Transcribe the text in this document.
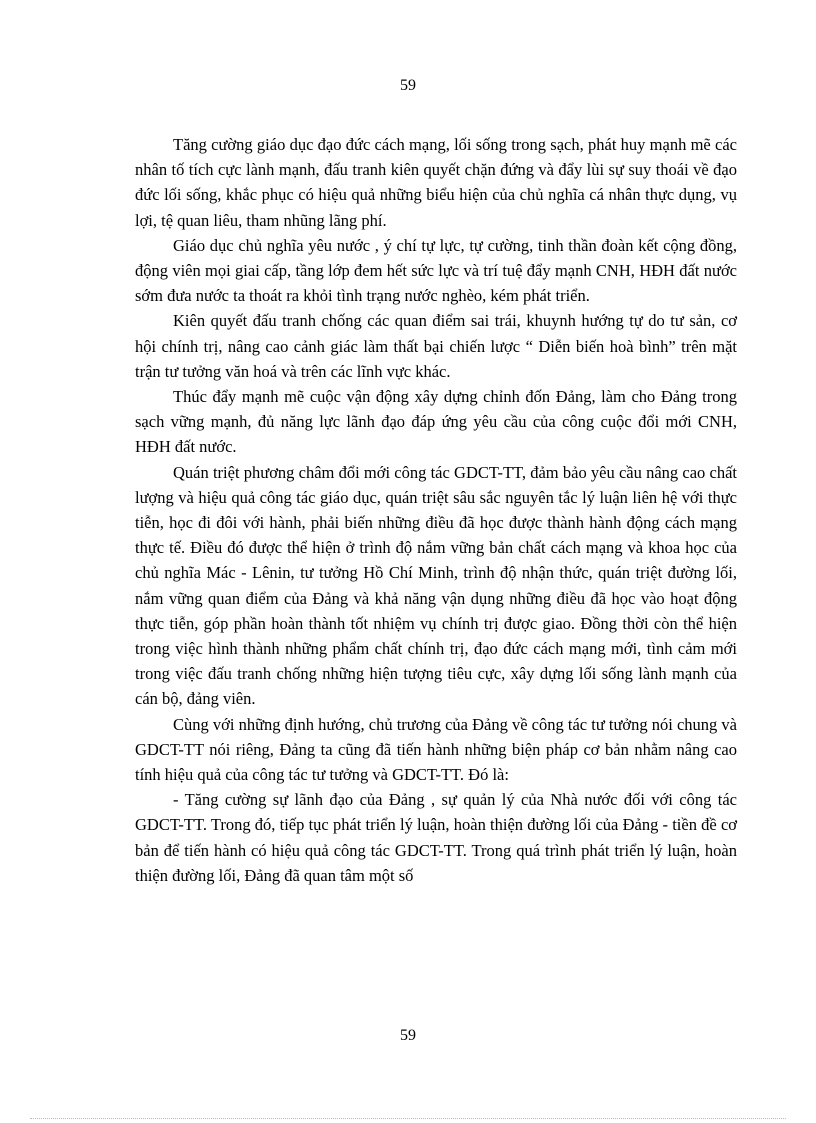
59

Tăng cường giáo dục đạo đức cách mạng, lối sống trong sạch, phát huy mạnh mẽ các nhân tố tích cực lành mạnh, đấu tranh kiên quyết chặn đứng và đẩy lùi sự suy thoái về đạo đức lối sống, khắc phục có hiệu quả những biểu hiện của chủ nghĩa cá nhân thực dụng, vụ lợi, tệ quan liêu, tham nhũng lãng phí.

Giáo dục chủ nghĩa yêu nước , ý chí tự lực, tự cường, tinh thần đoàn kết cộng đồng, động viên mọi giai cấp, tầng lớp đem hết sức lực và trí tuệ đẩy mạnh CNH, HĐH đất nước sớm đưa nước ta thoát ra khỏi tình trạng nước nghèo, kém phát triển.

Kiên quyết đấu tranh chống các quan điểm sai trái, khuynh hướng tự do tư sản, cơ hội chính trị, nâng cao cảnh giác làm thất bại chiến lược “ Diễn biến hoà bình” trên mặt trận tư tưởng văn hoá và trên các lĩnh vực khác.

Thúc đẩy mạnh mẽ cuộc vận động xây dựng chỉnh đốn Đảng, làm cho Đảng trong sạch vững mạnh, đủ năng lực lãnh đạo đáp ứng yêu cầu của công cuộc đổi mới CNH, HĐH đất nước.

Quán triệt phương châm đổi mới công tác GDCT-TT, đảm bảo yêu cầu nâng cao chất lượng và hiệu quả công tác giáo dục, quán triệt sâu sắc nguyên tắc lý luận liên hệ với thực tiễn, học đi đôi với hành, phải biến những điều đã học được thành hành động cách mạng thực tế. Điều đó được thể hiện ở trình độ nắm vững bản chất cách mạng và khoa học của chủ nghĩa Mác - Lênin, tư tưởng Hồ Chí Minh, trình độ nhận thức, quán triệt đường lối, nắm vững quan điểm của Đảng và khả năng vận dụng những điều đã học vào hoạt động thực tiễn, góp phần hoàn thành tốt nhiệm vụ chính trị được giao. Đồng thời còn thể hiện trong việc hình thành những phẩm chất chính trị, đạo đức cách mạng mới, tình cảm mới trong việc đấu tranh chống những hiện tượng tiêu cực, xây dựng lối sống lành mạnh của cán bộ, đảng viên.

Cùng với những định hướng, chủ trương của Đảng về công tác tư tưởng nói chung và GDCT-TT nói riêng, Đảng ta cũng đã tiến hành những biện pháp cơ bản nhằm nâng cao tính hiệu quả của công tác tư tưởng và GDCT-TT. Đó là:

- Tăng cường sự lãnh đạo của Đảng , sự quản lý của Nhà nước đối với công tác GDCT-TT. Trong đó, tiếp tục phát triển lý luận, hoàn thiện đường lối của Đảng - tiền đề cơ bản để tiến hành có hiệu quả công tác GDCT-TT. Trong quá trình phát triển lý luận, hoàn thiện đường lối, Đảng đã quan tâm một số

59
